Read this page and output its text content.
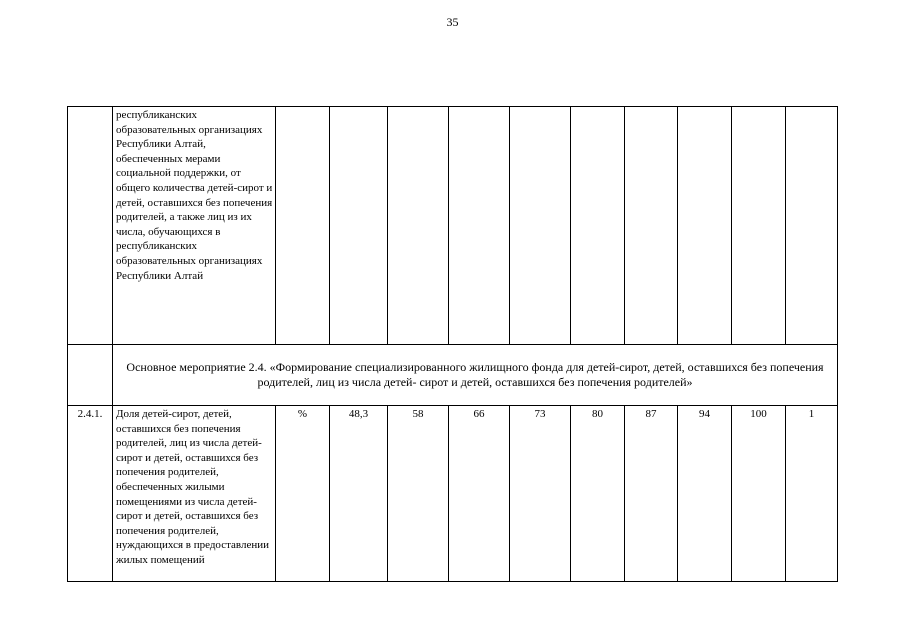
35

	республиканских образовательных организациях Республики Алтай, обеспеченных мерами социальной поддержки, от общего количества детей-сирот и детей, оставшихся без попечения родителей, а также лиц из их числа, обучающихся в республиканских образовательных организациях Республики Алтай										

	Основное мероприятие 2.4. «Формирование специализированного жилищного фонда для детей-сирот, детей, оставшихся без попечения родителей, лиц из числа детей- сирот и детей, оставшихся без попечения родителей»										
2.4.1.	Доля детей-сирот, детей, оставшихся без попечения родителей, лиц из числа детей-сирот и детей, оставшихся без попечения родителей, обеспеченных жилыми помещениями из числа детей-сирот и детей, оставшихся без попечения родителей, нуждающихся в предоставлении жилых помещений	%	48,3	58	66	73	80	87	94	100	1
